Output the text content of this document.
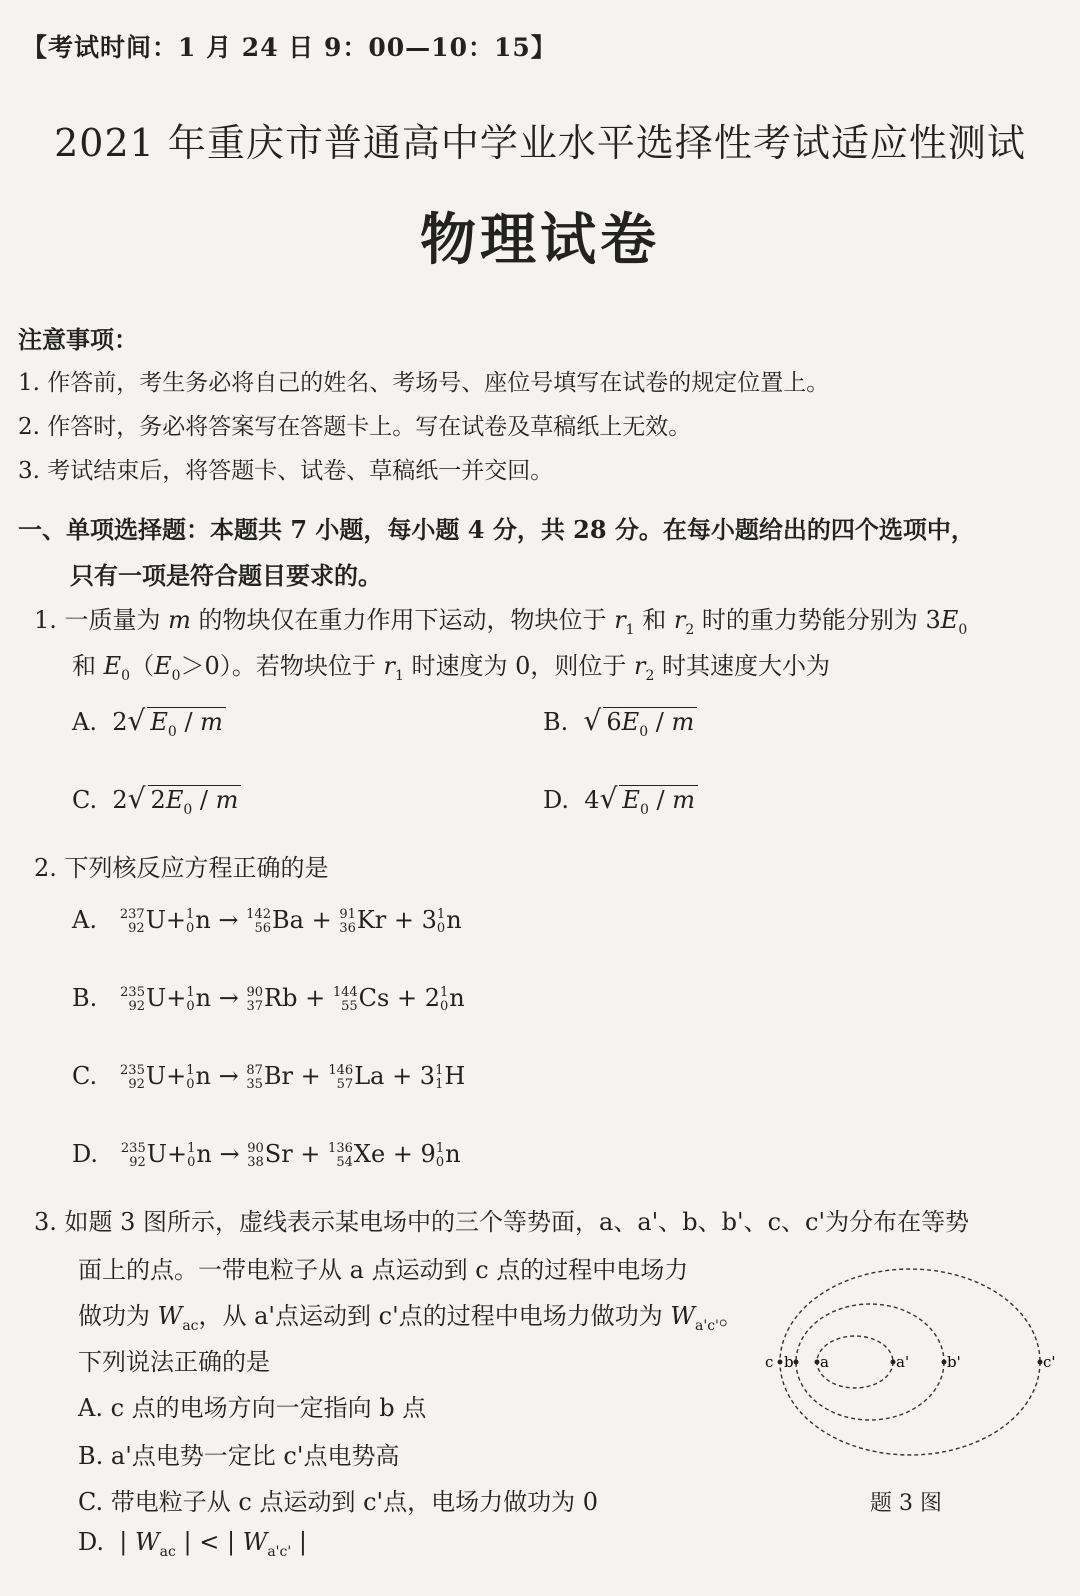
【考试时间：1 月 24 日 9：00—10：15】
2021 年重庆市普通高中学业水平选择性考试适应性测试
物理试卷
注意事项：
1. 作答前，考生务必将自己的姓名、考场号、座位号填写在试卷的规定位置上。
2. 作答时，务必将答案写在答题卡上。写在试卷及草稿纸上无效。
3. 考试结束后，将答题卡、试卷、草稿纸一并交回。
一、单项选择题：本题共 7 小题，每小题 4 分，共 28 分。在每小题给出的四个选项中，
只有一项是符合题目要求的。
1. 一质量为 m 的物块仅在重力作用下运动，物块位于 $r_1$ 和 $r_2$ 时的重力势能分别为 $3E_0$
和 $E_0(E_0>0)$。若物块位于 $r_1$ 时速度为 0，则位于 $r_2$ 时其速度大小为
A. 2√ $E_0$ / m	B. √ $6E_0$ / m
C. 2√ $2E_0$ / m	D. 4√ $E_0$ / m
2. 下列核反应方程正确的是
A. 237
92 U+ 1
0 n → 142
56 Ba + 91
36 Kr + 3 1
0 n
B. 235
92 U+ 1
0 n → 90
37 Rb + 144
55 Cs + 2 1
0 n
C. 235
92 U+ 1
0 n → 87
35 Br + 146
57 La + 3 1
1 H
D. 235
92 U+ 1
0 n → 90
38 Sr + 136
54 Xe + 9 1
0 n
3. 如题 3 图所示，虚线表示某电场中的三个等势面，a、a'、b、b'、c、c'为分布在等势
面上的点。一带电粒子从 a 点运动到 c 点的过程中电场力
做功为 $W_{ac}$，从 a'点运动到 c'点的过程中电场力做功为 $W_{a'c'}$。
下列说法正确的是
A. c 点的电场方向一定指向 b 点
B. a'点电势一定比 c'点电势高
C. 带电粒子从 c 点运动到 c'点，电场力做功为 0
D.  | $W_{ac}$ | < | $W_{a'c'}$ |
c b a	a'	b'	c'
题 3 图
